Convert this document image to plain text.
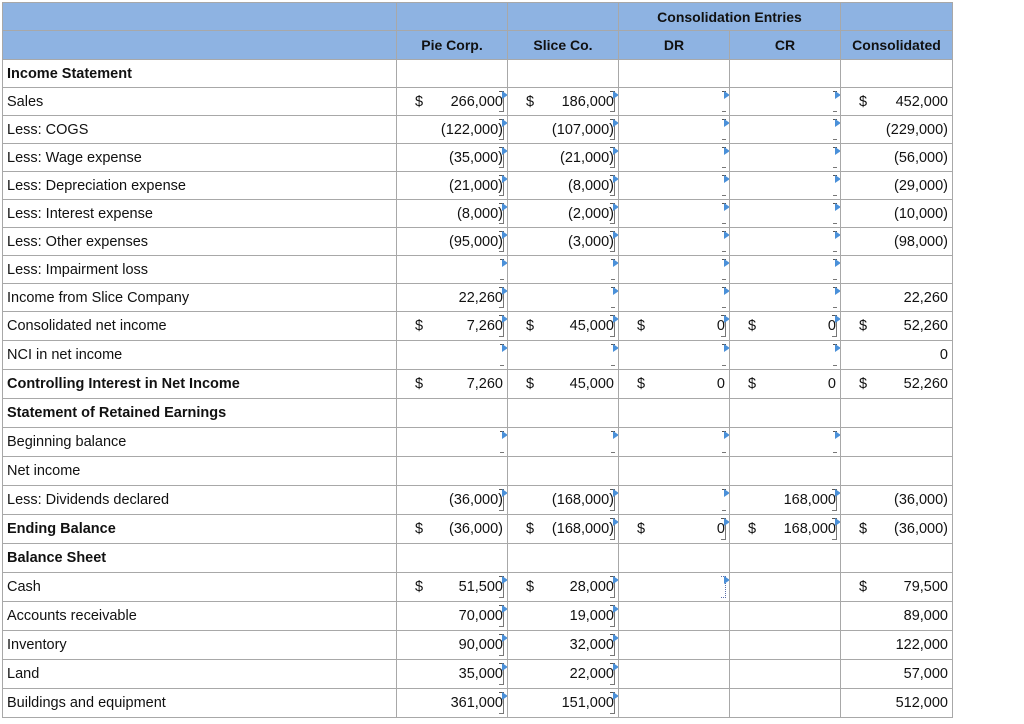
			Consolidation Entries		
	Pie Corp.	Slice Co.	DR	CR	Consolidated
Income Statement					
Sales	$ 266,000	$ 186,000			$ 452,000
Less: COGS	(122,000)	(107,000)			(229,000)
Less: Wage expense	(35,000)	(21,000)			(56,000)
Less: Depreciation expense	(21,000)	(8,000)			(29,000)
Less: Interest expense	(8,000)	(2,000)			(10,000)
Less: Other expenses	(95,000)	(3,000)			(98,000)
Less: Impairment loss					
Income from Slice Company	22,260				22,260
Consolidated net income	$ 7,260	$ 45,000	$ 0	$ 0	$ 52,260
NCI in net income					0
Controlling Interest in Net Income	$ 7,260	$ 45,000	$ 0	$ 0	$ 52,260
Statement of Retained Earnings					
Beginning balance					
Net income					
Less: Dividends declared	(36,000)	(168,000)		168,000	(36,000)
Ending Balance	$ (36,000)	$ (168,000)	$ 0	$ 168,000	$ (36,000)
Balance Sheet					
Cash	$ 51,500	$ 28,000			$ 79,500
Accounts receivable	70,000	19,000			89,000
Inventory	90,000	32,000			122,000
Land	35,000	22,000			57,000
Buildings and equipment	361,000	151,000			512,000
